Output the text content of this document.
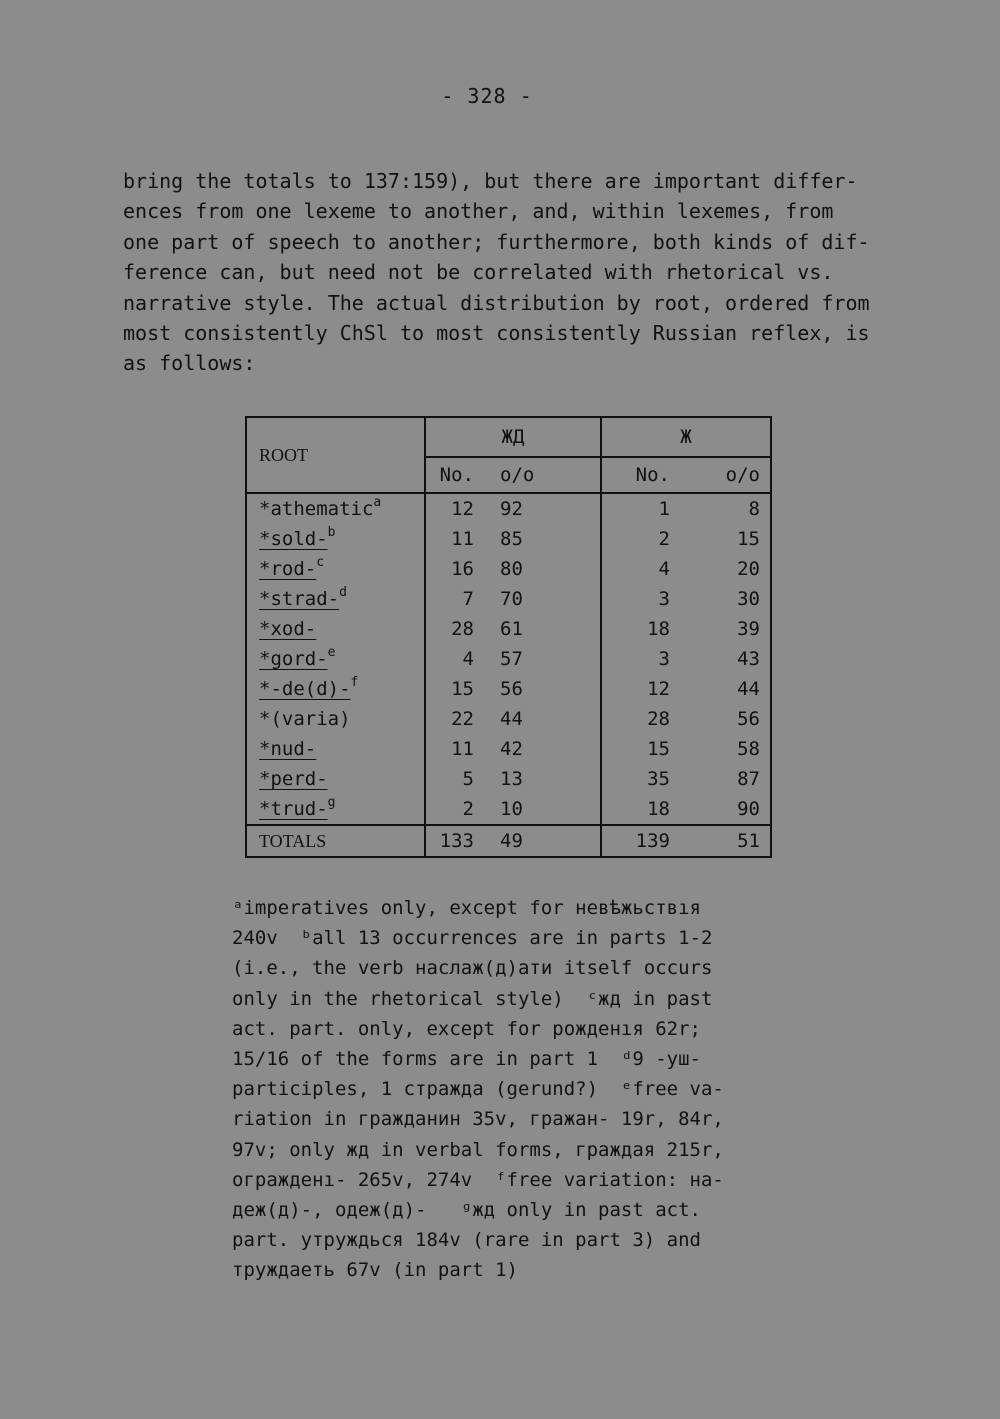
- 328 -
bring the totals to 137:159), but there are important differ-
ences from one lexeme to another, and, within lexemes, from
one part of speech to another; furthermore, both kinds of dif-
ference can, but need not be correlated with rhetorical vs.
narrative style. The actual distribution by root, ordered from
most consistently ChSl to most consistently Russian reflex, is
as follows:
ROOT	ЖД		Ж	
	No.	o/o	No.	o/o
*athematic$^a$	12	92	1	8
*sold-$^b$	11	85	2	15
*rod-$^c$	16	80	4	20
*strad-$^d$	7	70	3	30
*xod-	28	61	18	39
*gord-$^e$	4	57	3	43
*-de(d)-$^f$	15	56	12	44
*(varia)	22	44	28	56
*nud-	11	42	15	58
*perd-	5	13	35	87
*trud-$^g$	2	10	18	90
TOTALS	133	49	139	51
ᵃimperatives only, except for невѣжьствıя
240v  ᵇall 13 occurrences are in parts 1-2
(i.e., the verb наслаж(д)ати itself occurs
only in the rhetorical style)  ᶜжд in past
act. part. only, except for рожденıя 62r;
15/16 of the forms are in part 1  ᵈ9 -уш-
participles, 1 стражда (gerund?)  ᵉfree va-
riation in гражданин 35v, гражан- 19r, 84r,
97v; only жд in verbal forms, граждая 215r,
огражденı- 265v, 274v  ᶠfree variation: на-
деж(д)-, одеж(д)-   ᵍжд only in past act.
part. утруждься 184v (rare in part 3) and
труждаеть 67v (in part 1)
